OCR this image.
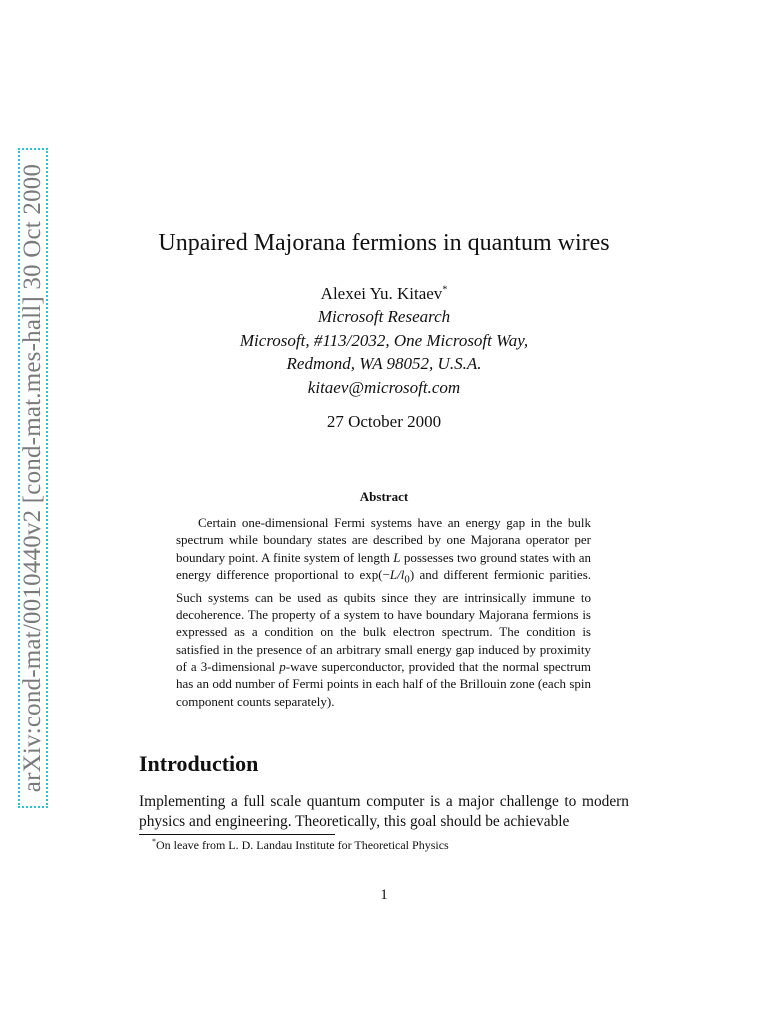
arXiv:cond-mat/0010440v2 [cond-mat.mes-hall] 30 Oct 2000	Unpaired Majorana fermions in quantum wires
Alexei Yu. Kitaev*
Microsoft Research
Microsoft, #113/2032, One Microsoft Way,
Redmond, WA 98052, U.S.A.
kitaev@microsoft.com
27 October 2000
Abstract

Certain one-dimensional Fermi systems have an energy gap in the bulk spectrum while boundary states are described by one Majorana operator per boundary point. A finite system of length L possesses two ground states with an energy difference proportional to $\exp(-L/l_0)$ and different fermionic parities. Such systems can be used as qubits since they are intrinsically immune to decoherence. The property of a system to have boundary Majorana fermions is expressed as a condition on the bulk electron spectrum. The condition is satisfied in the presence of an arbitrary small energy gap induced by proximity of a 3-dimensional p-wave superconductor, provided that the normal spectrum has an odd number of Fermi points in each half of the Brillouin zone (each spin component counts separately).

Introduction

Implementing a full scale quantum computer is a major challenge to modern physics and engineering. Theoretically, this goal should be achievable

*On leave from L. D. Landau Institute for Theoretical Physics
1
